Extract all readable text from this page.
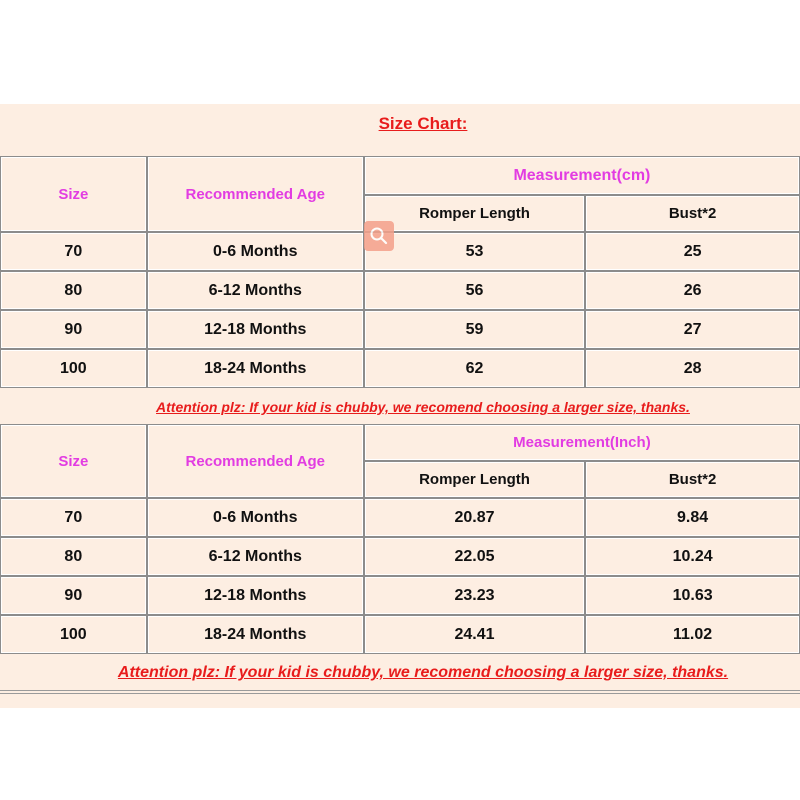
Size Chart:
Size	Recommended Age	Measurement(cm)	
		Romper Length	Bust*2
70	0-6 Months	53	25
80	6-12 Months	56	26
90	12-18 Months	59	27
100	18-24 Months	62	28
Attention plz: If your kid is chubby, we recomend choosing a larger size, thanks.
Size	Recommended Age	Measurement(Inch)	
		Romper Length	Bust*2
70	0-6 Months	20.87	9.84
80	6-12 Months	22.05	10.24
90	12-18 Months	23.23	10.63
100	18-24 Months	24.41	11.02
Attention plz: If your kid is chubby, we recomend choosing a larger size, thanks.
